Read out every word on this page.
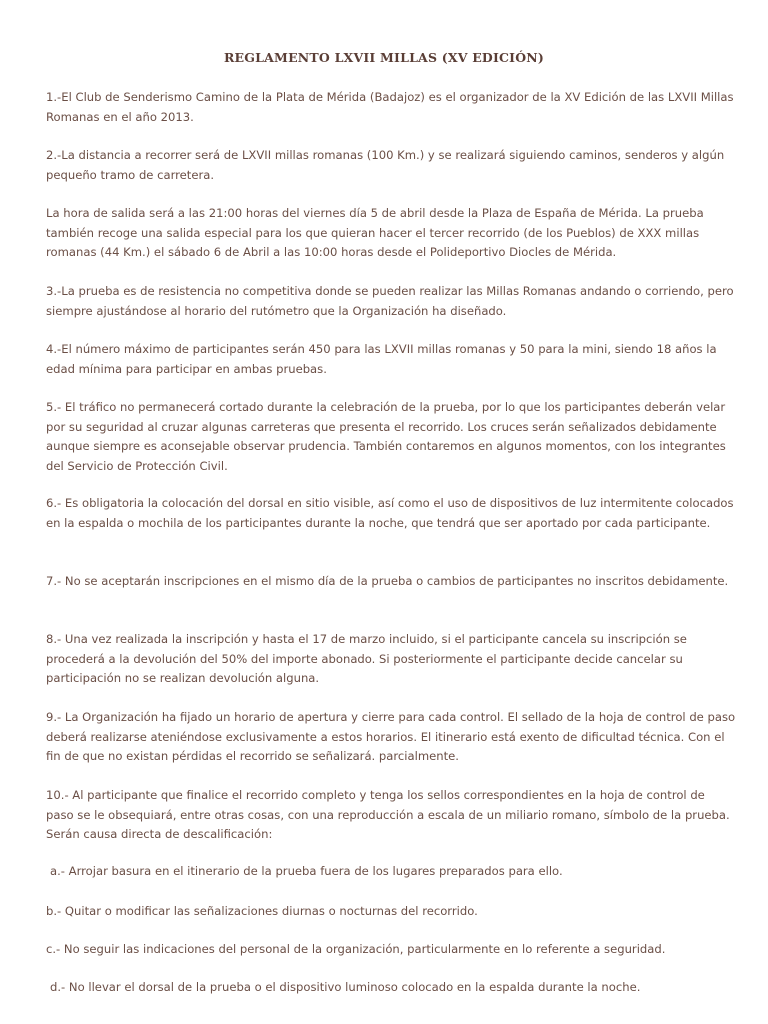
REGLAMENTO LXVII MILLAS (XV EDICIÓN)

1.-El Club de Senderismo Camino de la Plata de Mérida (Badajoz) es el organizador de la XV Edición de las LXVII Millas Romanas en el año 2013.

2.-La distancia a recorrer será de LXVII millas romanas (100 Km.) y se realizará siguiendo caminos, senderos y algún pequeño tramo de carretera.

La hora de salida será a las 21:00 horas del viernes día 5 de abril desde la Plaza de España de Mérida. La prueba también recoge una salida especial para los que quieran hacer el tercer recorrido (de los Pueblos) de XXX millas romanas (44 Km.) el sábado 6 de Abril a las 10:00 horas desde el Polideportivo Diocles de Mérida.

3.-La prueba es de resistencia no competitiva donde se pueden realizar las Millas Romanas andando o corriendo, pero siempre ajustándose al horario del rutómetro que la Organización ha diseñado.

4.-El número máximo de participantes serán 450 para las LXVII millas romanas y 50 para la mini, siendo 18 años la edad mínima para participar en ambas pruebas.

5.- El tráfico no permanecerá cortado durante la celebración de la prueba, por lo que los participantes deberán velar por su seguridad al cruzar algunas carreteras que presenta el recorrido. Los cruces serán señalizados debidamente aunque siempre es aconsejable observar prudencia. También contaremos en algunos momentos, con los integrantes del Servicio de Protección Civil.

6.- Es obligatoria la colocación del dorsal en sitio visible, así como el uso de dispositivos de luz intermitente colocados en la espalda o mochila de los participantes durante la noche, que tendrá que ser aportado por cada participante.

7.- No se aceptarán inscripciones en el mismo día de la prueba o cambios de participantes no inscritos debidamente.

8.- Una vez realizada la inscripción y hasta el 17 de marzo incluido, si el participante cancela su inscripción se procederá a la devolución del 50% del importe abonado. Si posteriormente el participante decide cancelar su participación no se realizan devolución alguna.

9.- La Organización ha fijado un horario de apertura y cierre para cada control. El sellado de la hoja de control de paso deberá realizarse ateniéndose exclusivamente a estos horarios. El itinerario está exento de dificultad técnica. Con el fin de que no existan pérdidas el recorrido se señalizará. parcialmente.

10.- Al participante que finalice el recorrido completo y tenga los sellos correspondientes en la hoja de control de paso se le obsequiará, entre otras cosas, con una reproducción a escala de un miliario romano, símbolo de la prueba. Serán causa directa de descalificación:

a.- Arrojar basura en el itinerario de la prueba fuera de los lugares preparados para ello.

b.- Quitar o modificar las señalizaciones diurnas o nocturnas del recorrido.

c.- No seguir las indicaciones del personal de la organización, particularmente en lo referente a seguridad.

d.- No llevar el dorsal de la prueba o el dispositivo luminoso colocado en la espalda durante la noche.
